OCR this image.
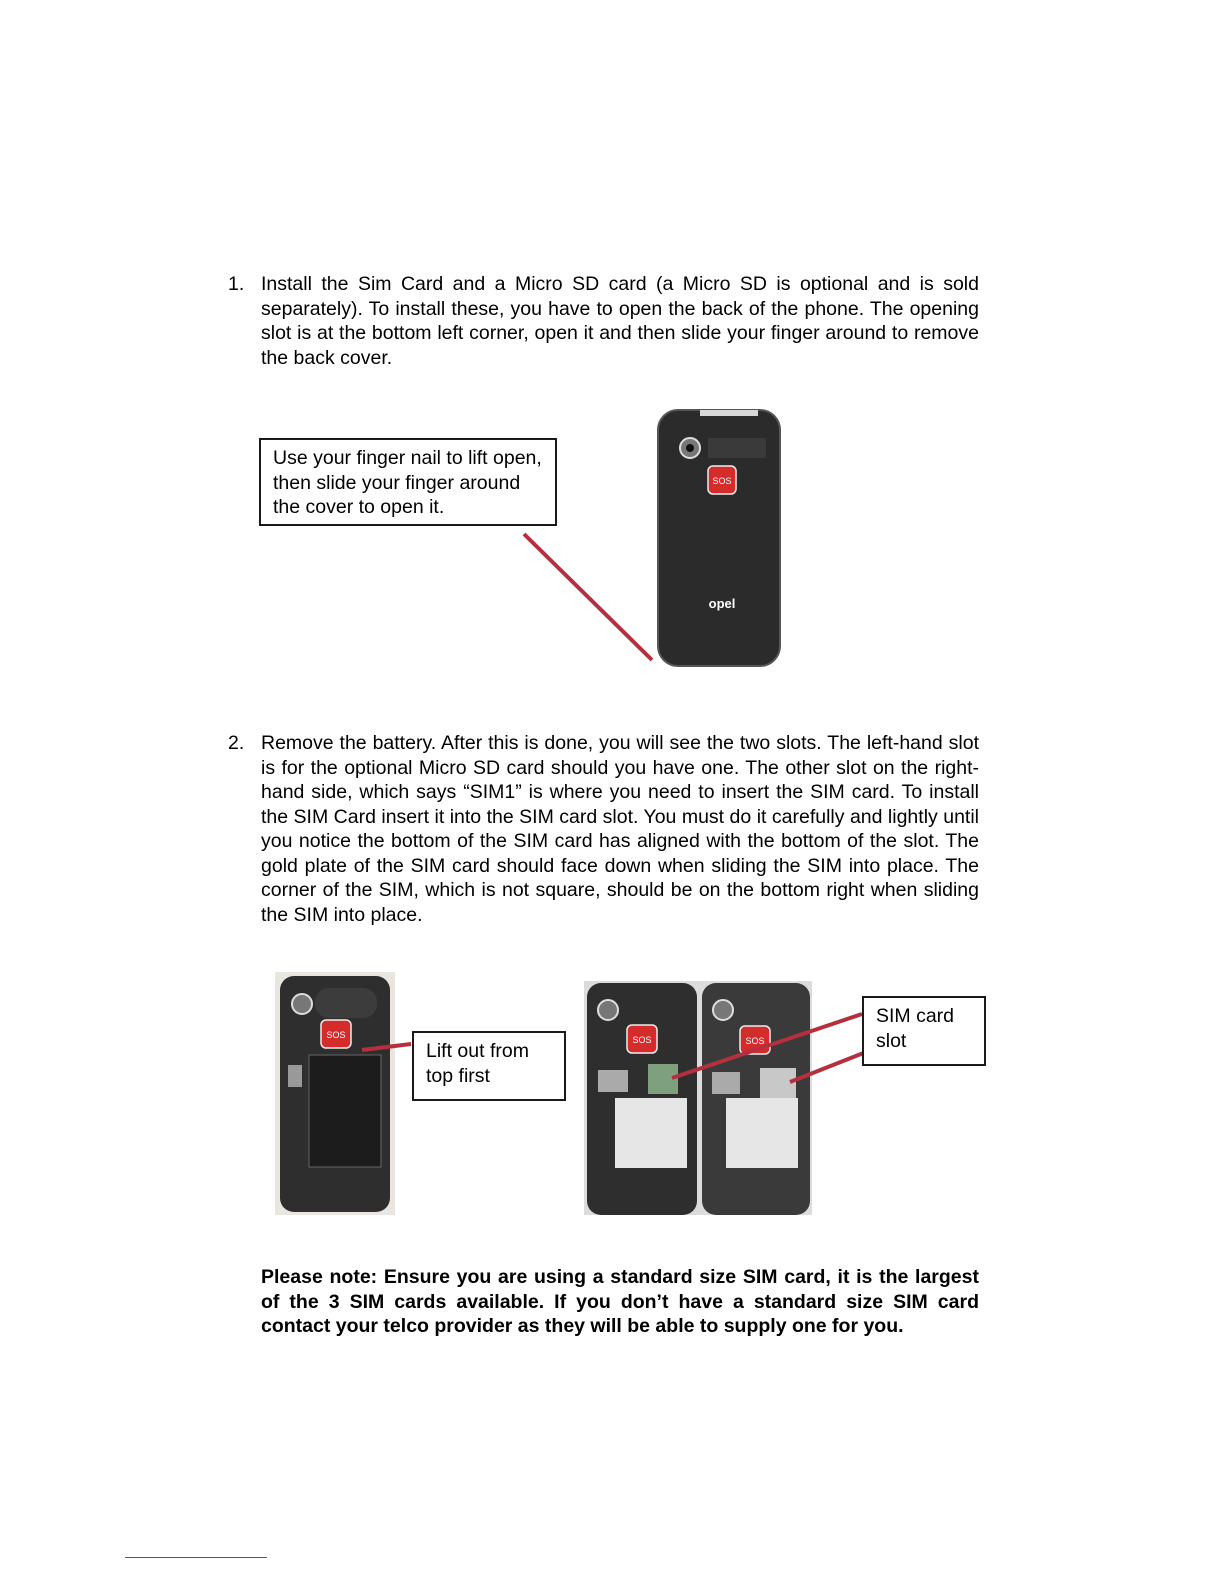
1. Install the Sim Card and a Micro SD card (a Micro SD is optional and is sold separately). To install these, you have to open the back of the phone. The opening slot is at the bottom left corner, open it and then slide your finger around to remove the back cover.
Use your finger nail to lift open, then slide your finger around the cover to open it.
2. Remove the battery. After this is done, you will see the two slots. The left-hand slot is for the optional Micro SD card should you have one. The other slot on the right-hand side, which says “SIM1” is where you need to insert the SIM card. To install the SIM Card insert it into the SIM card slot. You must do it carefully and lightly until you notice the bottom of the SIM card has aligned with the bottom of the slot. The gold plate of the SIM card should face down when sliding the SIM into place. The corner of the SIM, which is not square, should be on the bottom right when sliding the SIM into place.
SOS
opel
SOS	SOS	SOS
Lift out from top first
SIM card slot
Please note: Ensure you are using a standard size SIM card, it is the largest of the 3 SIM cards available. If you don’t have a standard size SIM card contact your telco provider as they will be able to supply one for you.
